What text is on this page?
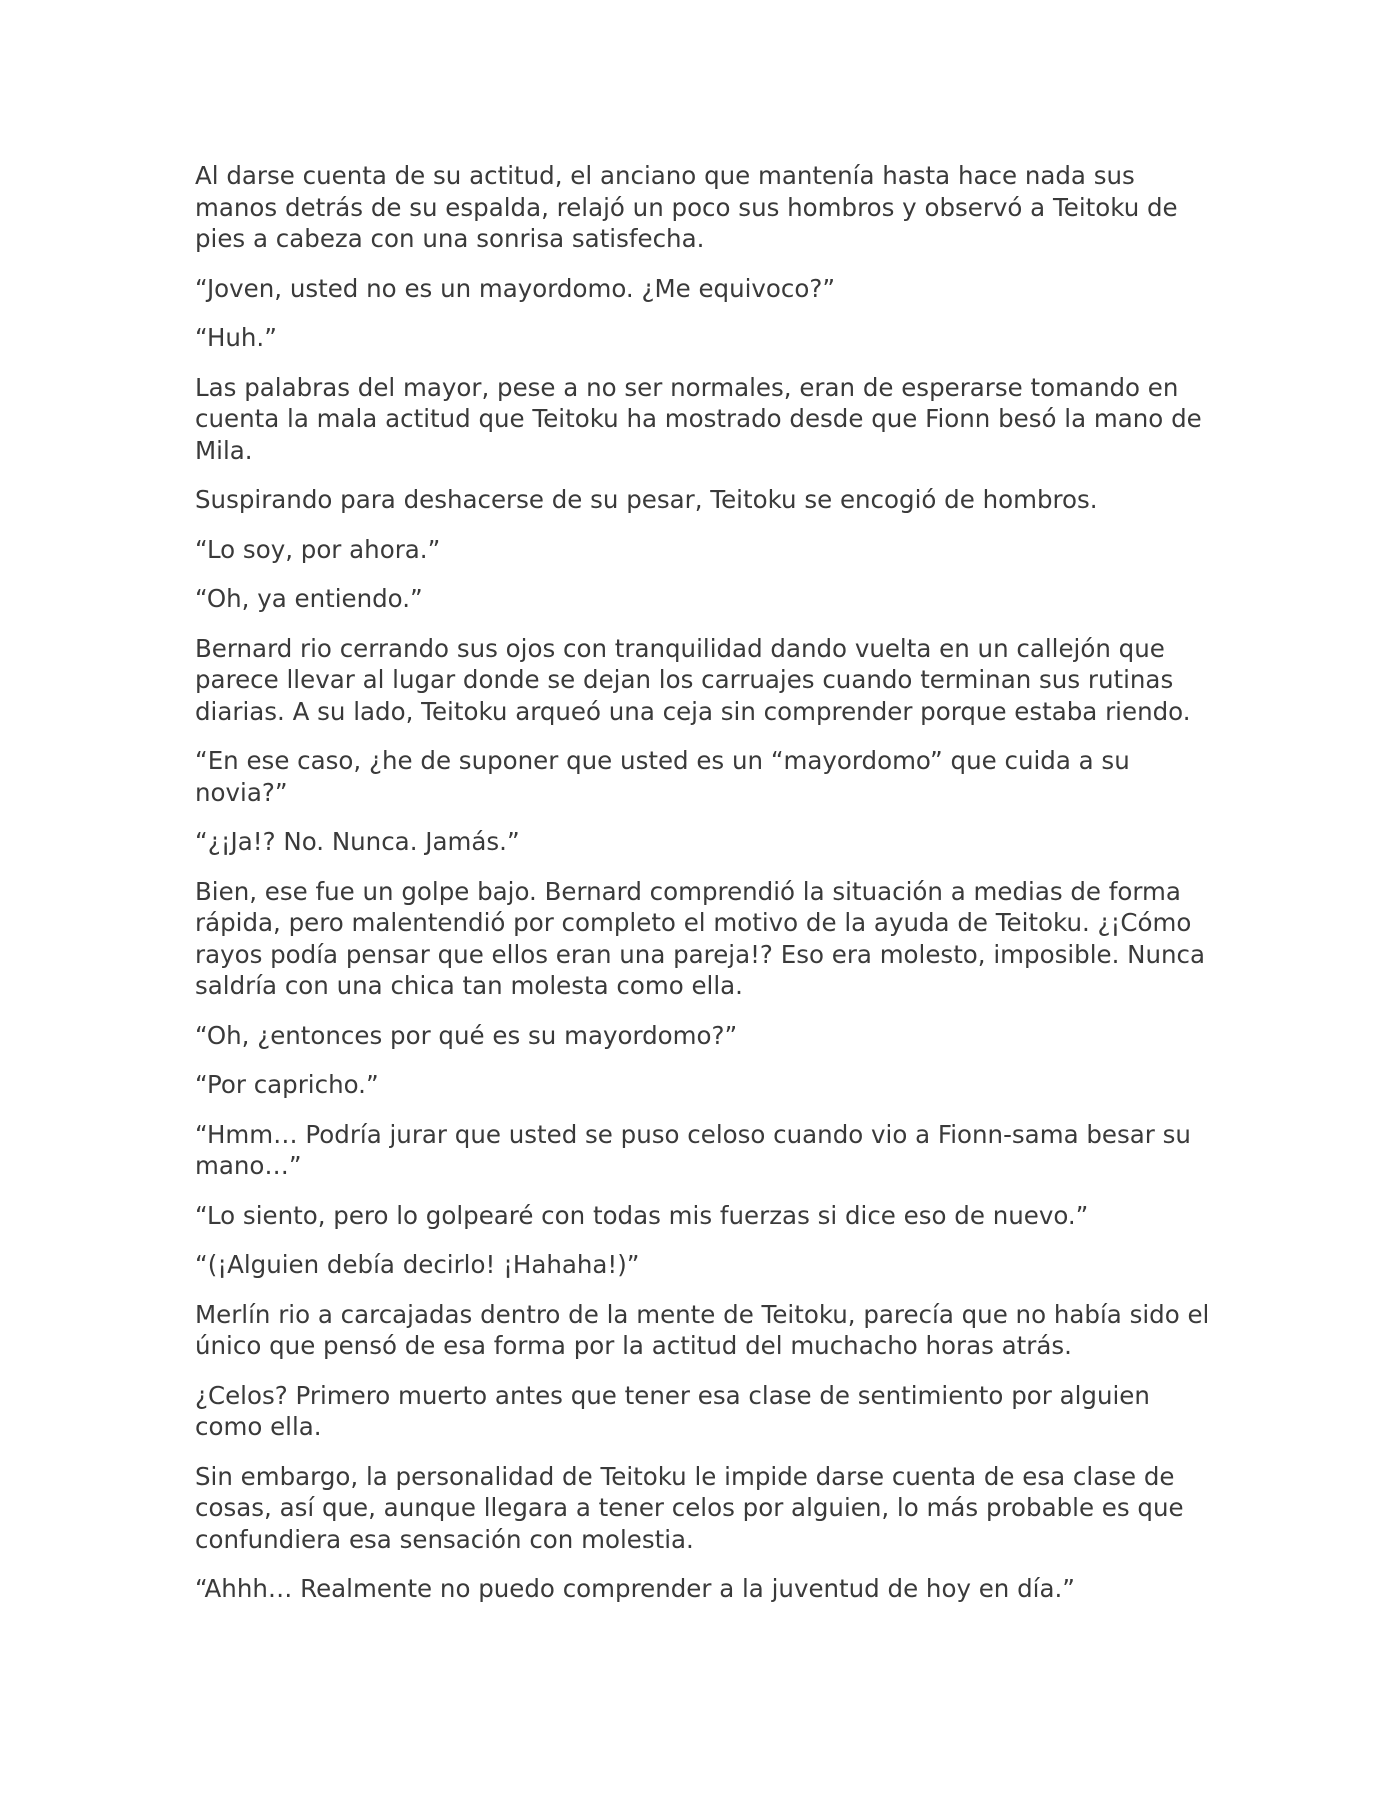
Al darse cuenta de su actitud, el anciano que mantenía hasta hace nada sus manos detrás de su espalda, relajó un poco sus hombros y observó a Teitoku de pies a cabeza con una sonrisa satisfecha.

“Joven, usted no es un mayordomo. ¿Me equivoco?”

“Huh.”

Las palabras del mayor, pese a no ser normales, eran de esperarse tomando en cuenta la mala actitud que Teitoku ha mostrado desde que Fionn besó la mano de Mila.

Suspirando para deshacerse de su pesar, Teitoku se encogió de hombros.

“Lo soy, por ahora.”

“Oh, ya entiendo.”

Bernard rio cerrando sus ojos con tranquilidad dando vuelta en un callejón que parece llevar al lugar donde se dejan los carruajes cuando terminan sus rutinas diarias. A su lado, Teitoku arqueó una ceja sin comprender porque estaba riendo.

“En ese caso, ¿he de suponer que usted es un “mayordomo” que cuida a su novia?”

“¿¡Ja!? No. Nunca. Jamás.”

Bien, ese fue un golpe bajo. Bernard comprendió la situación a medias de forma rápida, pero malentendió por completo el motivo de la ayuda de Teitoku. ¿¡Cómo rayos podía pensar que ellos eran una pareja!? Eso era molesto, imposible. Nunca saldría con una chica tan molesta como ella.

“Oh, ¿entonces por qué es su mayordomo?”

“Por capricho.”

“Hmm… Podría jurar que usted se puso celoso cuando vio a Fionn-sama besar su mano…”

“Lo siento, pero lo golpearé con todas mis fuerzas si dice eso de nuevo.”

“(¡Alguien debía decirlo! ¡Hahaha!)”

Merlín rio a carcajadas dentro de la mente de Teitoku, parecía que no había sido el único que pensó de esa forma por la actitud del muchacho horas atrás.

¿Celos? Primero muerto antes que tener esa clase de sentimiento por alguien como ella.

Sin embargo, la personalidad de Teitoku le impide darse cuenta de esa clase de cosas, así que, aunque llegara a tener celos por alguien, lo más probable es que confundiera esa sensación con molestia.

“Ahhh… Realmente no puedo comprender a la juventud de hoy en día.”
